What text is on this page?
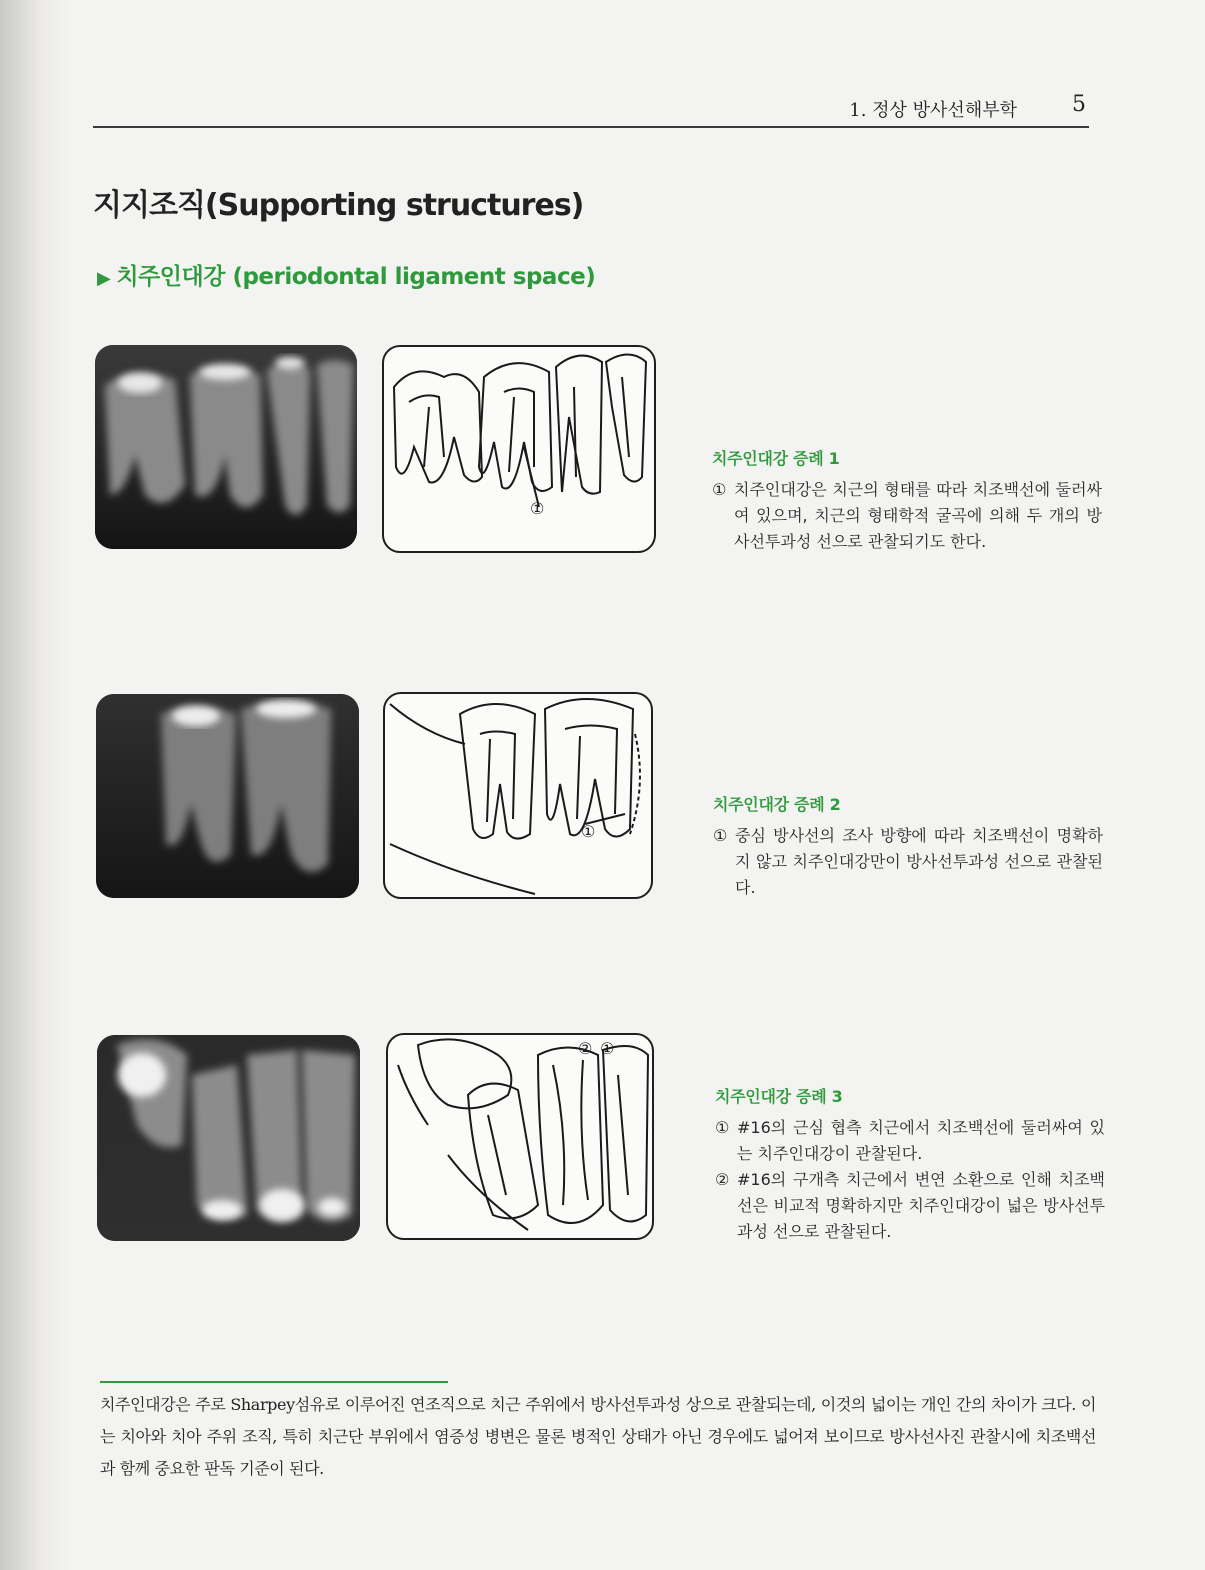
1. 정상 방사선해부학	5
지지조직(Supporting structures)
▶ 치주인대강 (periodontal ligament space)
①
치주인대강 증례 1
① 치주인대강은 치근의 형태를 따라 치조백선에 둘러싸여 있으며, 치근의 형태학적 굴곡에 의해 두 개의 방사선투과성 선으로 관찰되기도 한다.
①
치주인대강 증례 2
① 중심 방사선의 조사 방향에 따라 치조백선이 명확하지 않고 치주인대강만이 방사선투과성 선으로 관찰된다.
② ①
치주인대강 증례 3
① #16의 근심 협측 치근에서 치조백선에 둘러싸여 있는 치주인대강이 관찰된다.
② #16의 구개측 치근에서 변연 소환으로 인해 치조백선은 비교적 명확하지만 치주인대강이 넓은 방사선투과성 선으로 관찰된다.

치주인대강은 주로 Sharpey섬유로 이루어진 연조직으로 치근 주위에서 방사선투과성 상으로 관찰되는데, 이것의 넓이는 개인 간의 차이가 크다. 이는 치아와 치아 주위 조직, 특히 치근단 부위에서 염증성 병변은 물론 병적인 상태가 아닌 경우에도 넓어져 보이므로 방사선사진 관찰시에 치조백선과 함께 중요한 판독 기준이 된다.
